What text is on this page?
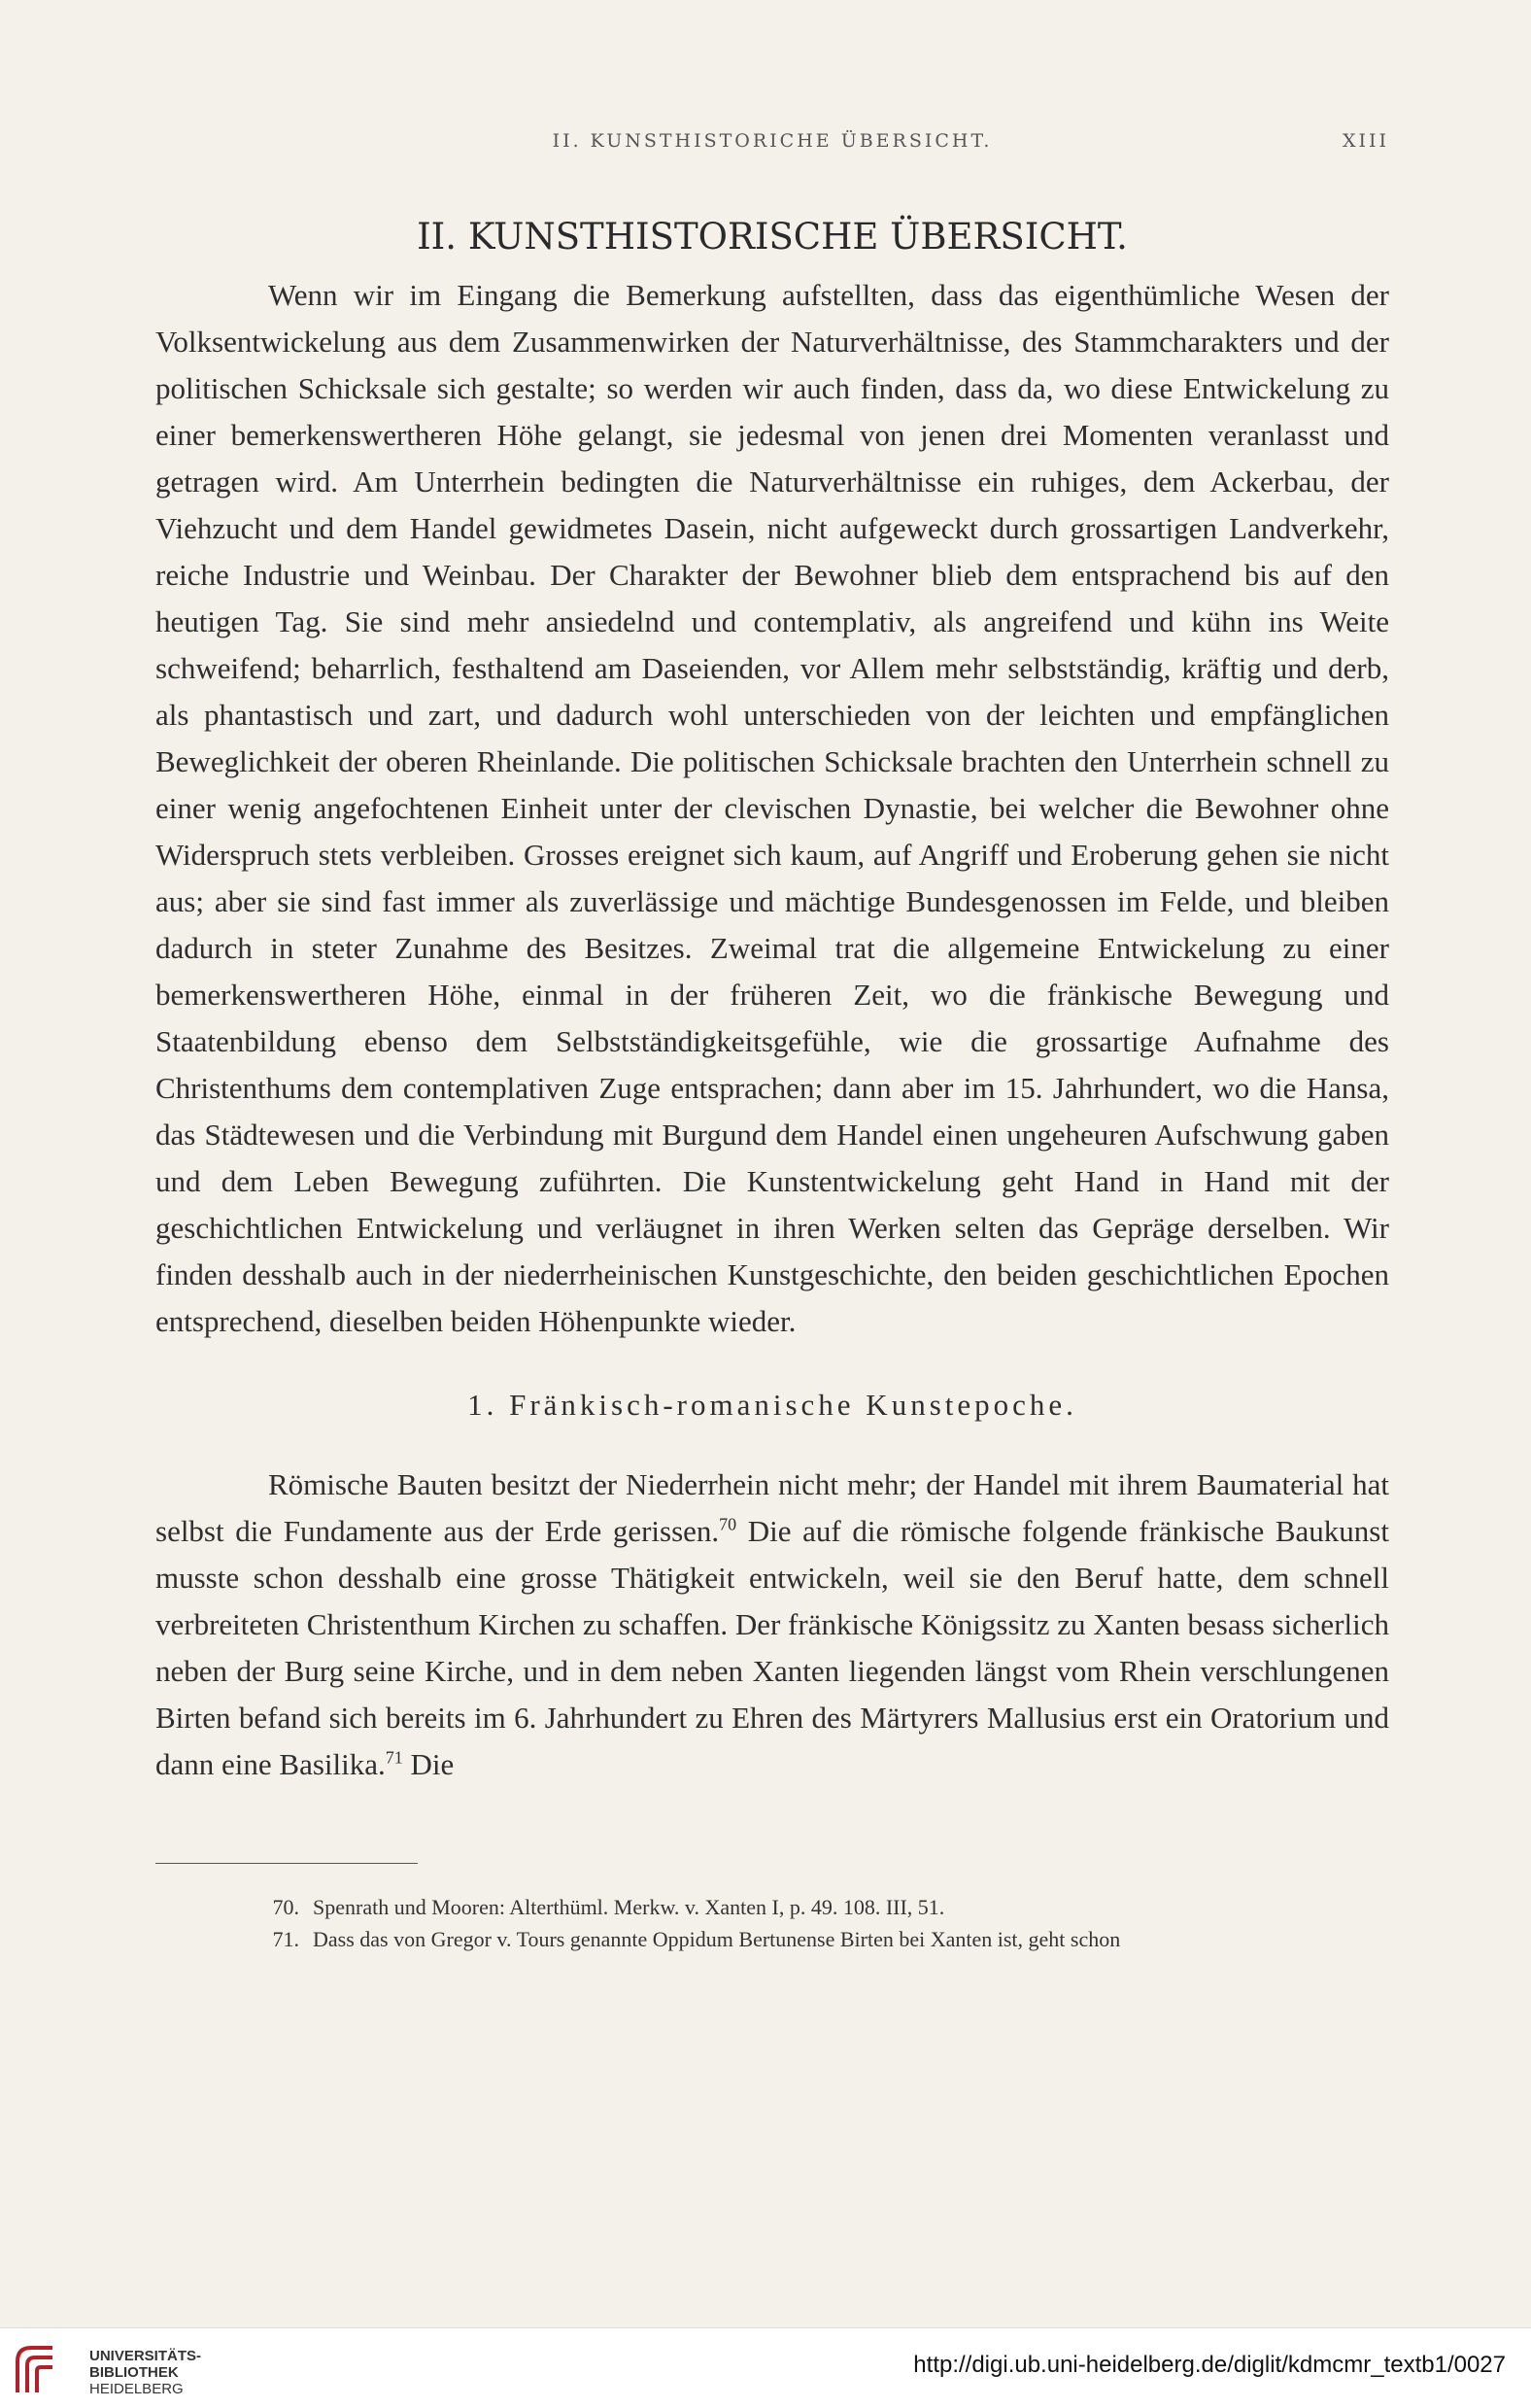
II. KUNSTHISTORICHE ÜBERSICHT.	XIII
II. KUNSTHISTORISCHE ÜBERSICHT.

Wenn wir im Eingang die Bemerkung aufstellten, dass das eigenthümliche Wesen der Volksentwickelung aus dem Zusammenwirken der Naturverhältnisse, des Stammcharakters und der politischen Schicksale sich gestalte; so werden wir auch finden, dass da, wo diese Entwickelung zu einer bemerkenswertheren Höhe gelangt, sie jedesmal von jenen drei Momenten veranlasst und getragen wird. Am Unterrhein bedingten die Naturverhältnisse ein ruhiges, dem Ackerbau, der Viehzucht und dem Handel gewidmetes Dasein, nicht aufgeweckt durch grossartigen Landverkehr, reiche Industrie und Weinbau. Der Charakter der Bewohner blieb dem entsprachend bis auf den heutigen Tag. Sie sind mehr ansiedelnd und contemplativ, als angreifend und kühn ins Weite schweifend; beharrlich, festhaltend am Daseienden, vor Allem mehr selbstständig, kräftig und derb, als phantastisch und zart, und dadurch wohl unterschieden von der leichten und empfänglichen Beweglichkeit der oberen Rheinlande. Die politischen Schicksale brachten den Unterrhein schnell zu einer wenig angefochtenen Einheit unter der clevischen Dynastie, bei welcher die Bewohner ohne Widerspruch stets verbleiben. Grosses ereignet sich kaum, auf Angriff und Eroberung gehen sie nicht aus; aber sie sind fast immer als zuverlässige und mächtige Bundesgenossen im Felde, und bleiben dadurch in steter Zunahme des Besitzes. Zweimal trat die allgemeine Entwickelung zu einer bemerkenswertheren Höhe, einmal in der früheren Zeit, wo die fränkische Bewegung und Staatenbildung ebenso dem Selbstständigkeitsgefühle, wie die grossartige Aufnahme des Christenthums dem contemplativen Zuge entsprachen; dann aber im 15. Jahrhundert, wo die Hansa, das Städtewesen und die Verbindung mit Burgund dem Handel einen ungeheuren Aufschwung gaben und dem Leben Bewegung zuführten. Die Kunstentwickelung geht Hand in Hand mit der geschichtlichen Entwickelung und verläugnet in ihren Werken selten das Gepräge derselben. Wir finden desshalb auch in der niederrheinischen Kunstgeschichte, den beiden geschichtlichen Epochen entsprechend, dieselben beiden Höhenpunkte wieder.

1. Fränkisch-romanische Kunstepoche.

Römische Bauten besitzt der Niederrhein nicht mehr; der Handel mit ihrem Baumaterial hat selbst die Fundamente aus der Erde gerissen.$^{70}$ Die auf die römische folgende fränkische Baukunst musste schon desshalb eine grosse Thätigkeit entwickeln, weil sie den Beruf hatte, dem schnell verbreiteten Christenthum Kirchen zu schaffen. Der fränkische Königssitz zu Xanten besass sicherlich neben der Burg seine Kirche, und in dem neben Xanten liegenden längst vom Rhein verschlungenen Birten befand sich bereits im 6. Jahrhundert zu Ehren des Märtyrers Mallusius erst ein Oratorium und dann eine Basilika.$^{71}$ Die

70. Spenrath und Mooren: Alterthüml. Merkw. v. Xanten I, p. 49. 108. III, 51.
71. Dass das von Gregor v. Tours genannte Oppidum Bertunense Birten bei Xanten ist, geht schon
UNIVERSITÄTS-
BIBLIOTHEK
HEIDELBERG
http://digi.ub.uni-heidelberg.de/diglit/kdmcmr_textb1/0027
